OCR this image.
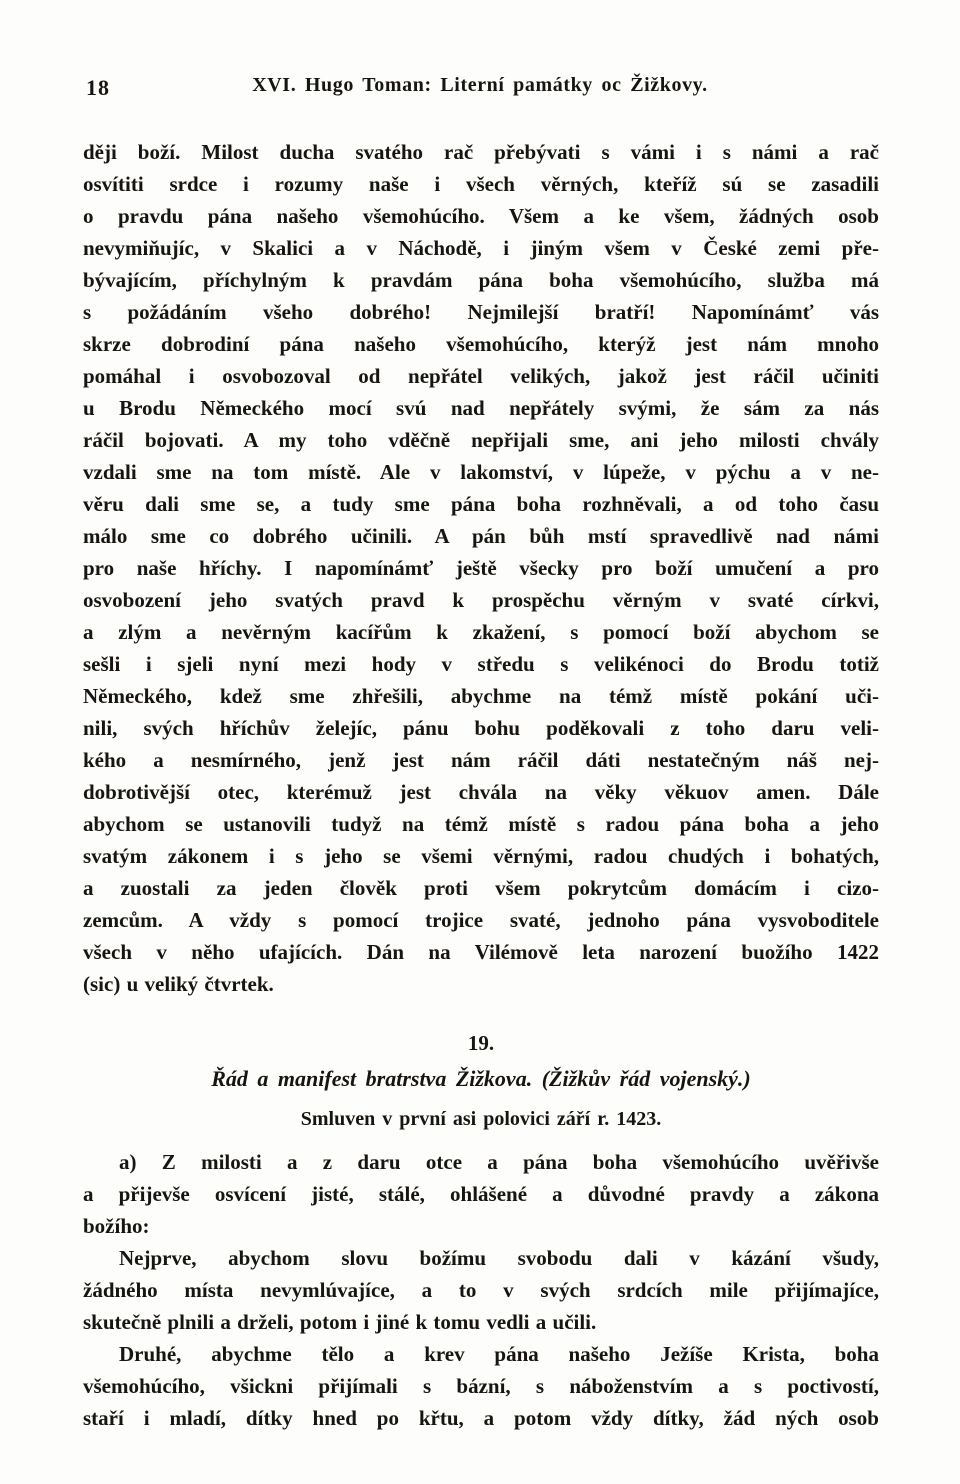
18	XVI. Hugo Toman: Literní památky oc Žižkovy.
ději boží. Milost ducha svatého rač přebývati s vámi i s námi a rač
osvítiti srdce i rozumy naše i všech věrných, kteříž sú se zasadili
o pravdu pána našeho všemohúcího. Všem a ke všem, žádných osob
nevymiňujíc, v Skalici a v Náchodě, i jiným všem v České zemi pře-
bývajícím, příchylným k pravdám pána boha všemohúcího, služba má
s požádáním všeho dobrého! Nejmilejší bratří! Napomínámť vás
skrze dobrodiní pána našeho všemohúcího, kterýž jest nám mnoho
pomáhal i osvobozoval od nepřátel velikých, jakož jest ráčil učiniti
u Brodu Německého mocí svú nad nepřátely svými, že sám za nás
ráčil bojovati. A my toho vděčně nepřijali sme, ani jeho milosti chvály
vzdali sme na tom místě. Ale v lakomství, v lúpeže, v pýchu a v ne-
věru dali sme se, a tudy sme pána boha rozhněvali, a od toho času
málo sme co dobrého učinili. A pán bůh mstí spravedlivě nad námi
pro naše hříchy. I napomínámť ještě všecky pro boží umučení a pro
osvobození jeho svatých pravd k prospěchu věrným v svaté církvi,
a zlým a nevěrným kacířům k zkažení, s pomocí boží abychom se
sešli i sjeli nyní mezi hody v středu s velikénoci do Brodu totiž
Německého, kdež sme zhřešili, abychme na témž místě pokání uči-
nili, svých hříchův želejíc, pánu bohu poděkovali z toho daru veli-
kého a nesmírného, jenž jest nám ráčil dáti nestatečným náš nej-
dobrotivější otec, kterémuž jest chvála na věky věkuov amen. Dále
abychom se ustanovili tudyž na témž místě s radou pána boha a jeho
svatým zákonem i s jeho se všemi věrnými, radou chudých i bohatých,
a zuostali za jeden člověk proti všem pokrytcům domácím i cizo-
zemcům. A vždy s pomocí trojice svaté, jednoho pána vysvoboditele
všech v něho ufajících. Dán na Vilémově leta narození buožího 1422
(sic) u veliký čtvrtek.
19.
Řád a manifest bratrstva Žižkova. (Žižkův řád vojenský.)
Smluven v první asi polovici září r. 1423.
a) Z milosti a z daru otce a pána boha všemohúcího uvěřivše
a přijevše osvícení jisté, stálé, ohlášené a důvodné pravdy a zákona
božího:
Nejprve, abychom slovu božímu svobodu dali v kázání všudy,
žádného místa nevymlúvajíce, a to v svých srdcích mile přijímajíce,
skutečně plnili a drželi, potom i jiné k tomu vedli a učili.
Druhé, abychme tělo a krev pána našeho Ježíše Krista, boha
všemohúcího, všickni přijímali s bázní, s náboženstvím a s poctivostí,
staří i mladí, dítky hned po křtu, a potom vždy dítky, žád ných osob
